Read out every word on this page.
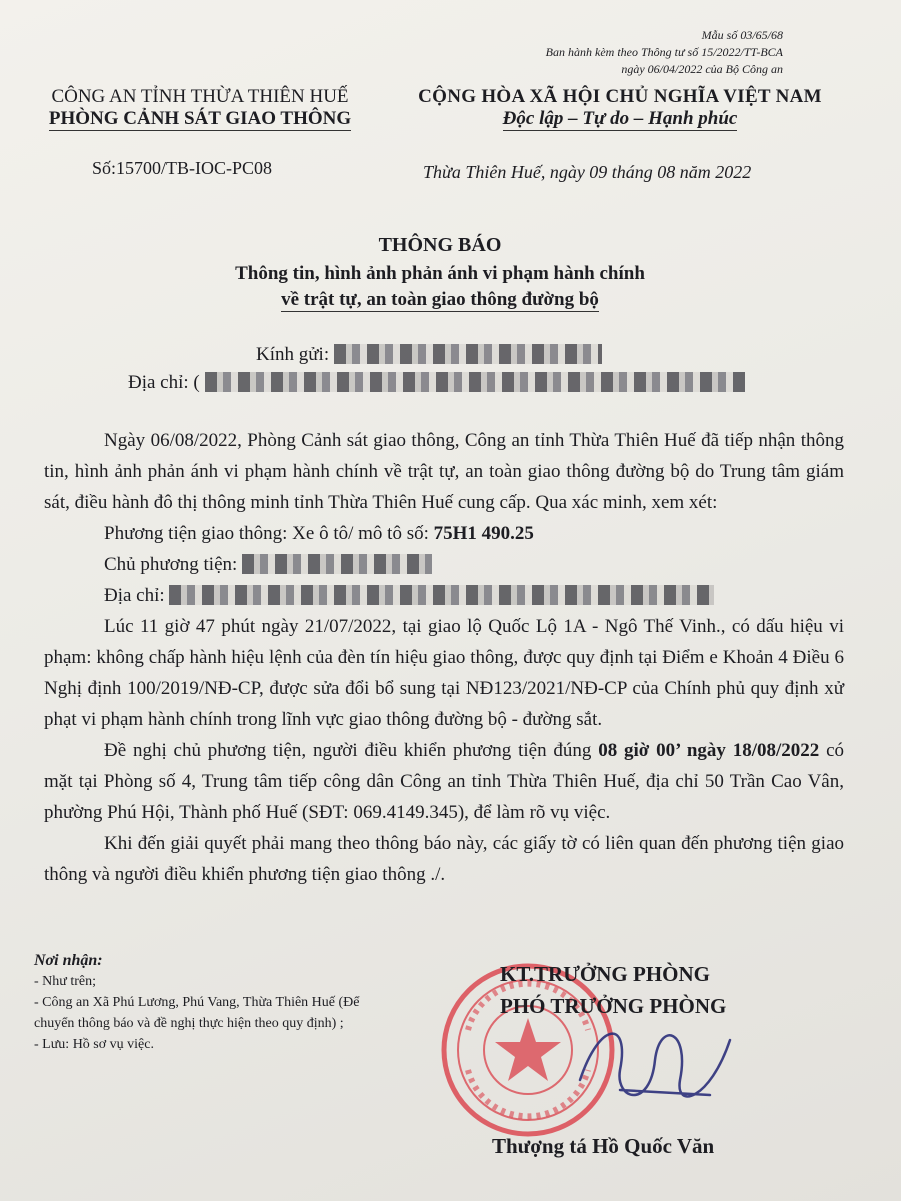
Mẫu số 03/65/68
Ban hành kèm theo Thông tư số 15/2022/TT-BCA
ngày 06/04/2022 của Bộ Công an
CÔNG AN TỈNH THỪA THIÊN HUẾ
PHÒNG CẢNH SÁT GIAO THÔNG
CỘNG HÒA XÃ HỘI CHỦ NGHĨA VIỆT NAM
Độc lập – Tự do – Hạnh phúc
Số:15700/TB-IOC-PC08	Thừa Thiên Huế, ngày 09 tháng 08 năm 2022
THÔNG BÁO
Thông tin, hình ảnh phản ánh vi phạm hành chính
về trật tự, an toàn giao thông đường bộ
Kính gửi:
Địa chỉ: (

Ngày 06/08/2022, Phòng Cảnh sát giao thông, Công an tỉnh Thừa Thiên Huế đã tiếp nhận thông tin, hình ảnh phản ánh vi phạm hành chính về trật tự, an toàn giao thông đường bộ do Trung tâm giám sát, điều hành đô thị thông minh tỉnh Thừa Thiên Huế cung cấp. Qua xác minh, xem xét:

Phương tiện giao thông: Xe ô tô/ mô tô số: 75H1 490.25
Chủ phương tiện:
Địa chỉ:

Lúc 11 giờ 47 phút ngày 21/07/2022, tại giao lộ Quốc Lộ 1A - Ngô Thế Vinh., có dấu hiệu vi phạm: không chấp hành hiệu lệnh của đèn tín hiệu giao thông, được quy định tại Điểm e Khoản 4 Điều 6 Nghị định 100/2019/NĐ-CP, được sửa đổi bổ sung tại NĐ123/2021/NĐ-CP của Chính phủ quy định xử phạt vi phạm hành chính trong lĩnh vực giao thông đường bộ - đường sắt.

Đề nghị chủ phương tiện, người điều khiển phương tiện đúng 08 giờ 00’ ngày 18/08/2022 có mặt tại Phòng số 4, Trung tâm tiếp công dân Công an tỉnh Thừa Thiên Huế, địa chỉ 50 Trần Cao Vân, phường Phú Hội, Thành phố Huế (SĐT: 069.4149.345), để làm rõ vụ việc.

Khi đến giải quyết phải mang theo thông báo này, các giấy tờ có liên quan đến phương tiện giao thông và người điều khiển phương tiện giao thông ./.

Nơi nhận:
- Như trên;
- Công an Xã Phú Lương, Phú Vang, Thừa Thiên Huế (Để chuyển thông báo và đề nghị thực hiện theo quy định) ;
- Lưu: Hồ sơ vụ việc.
KT.TRƯỞNG PHÒNG
PHÓ TRƯỞNG PHÒNG
Thượng tá Hồ Quốc Văn
